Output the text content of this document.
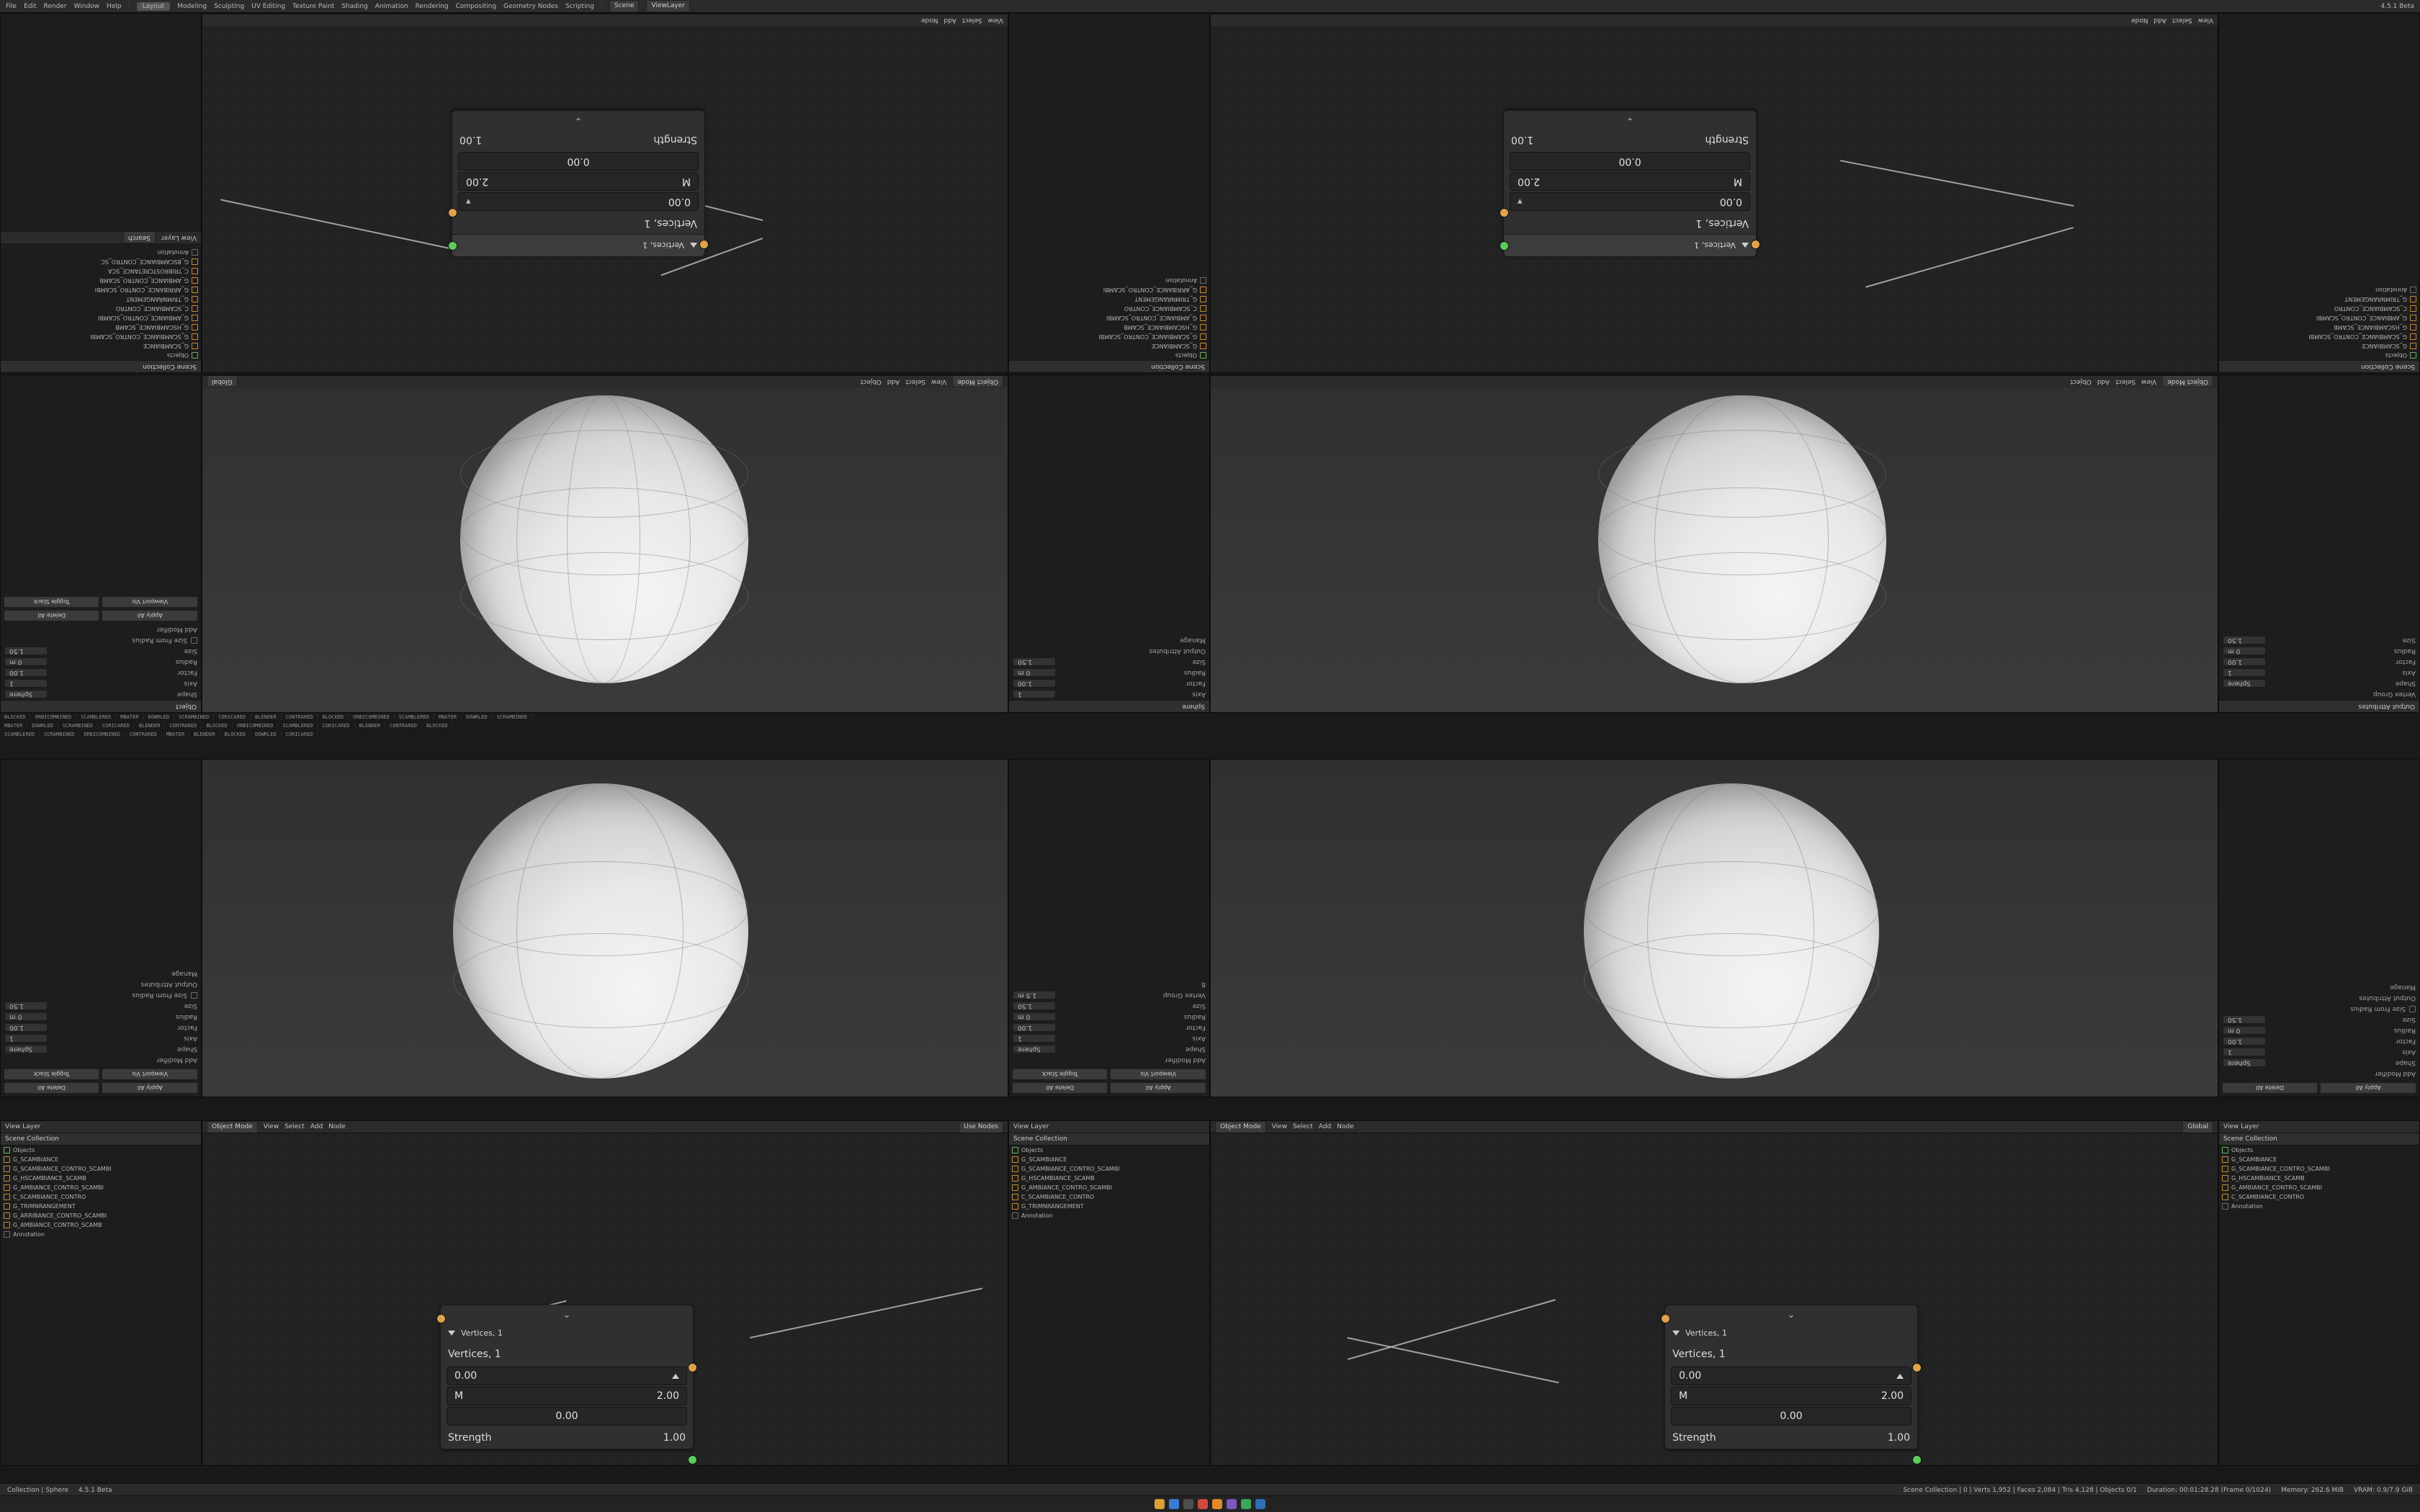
File Edit Render Window Help	Layout	Modeling Sculpting UV Editing Texture Paint Shading Animation Rendering Compositing Geometry Nodes Scripting	Scene	ViewLayer	4.5.1 Beta
Scene Collection
Objects
G_SCAMBIANCE
G_SCAMBIANCE_CONTRO_SCAMBI
G_HSCAMBIANCE_SCAMB
G_AMBIANCE_CONTRO_SCAMBI
C_SCAMBIANCE_CONTRO
G_TRIMNRANGEMENT
G_ARRIBANCE_CONTRO_SCAMBI
G_AMBIANCE_CONTRO_SCAMB
C_TRIBROSTCRETANCE_SCA
G_BSCAMBIANCE_CONTRO_SC
Annotation
View Layer
Search
Vertices, 1
Vertices, 1
0.00
▾
M
2.00
0.00
Strength
1.00
⌄
View
Select
Add
Node
Scene Collection
Objects
G_SCAMBIANCE
G_SCAMBIANCE_CONTRO_SCAMBI
G_HSCAMBIANCE_SCAMB
G_AMBIANCE_CONTRO_SCAMBI
C_SCAMBIANCE_CONTRO
G_TRIMNRANGEMENT
G_ARRIBANCE_CONTRO_SCAMBI
Annotation
Vertices, 1
Vertices, 1
0.00
▾
M
2.00
0.00
Strength
1.00
⌄
View
Select
Add
Node
Scene Collection
Objects
G_SCAMBIANCE
G_SCAMBIANCE_CONTRO_SCAMBI
G_HSCAMBIANCE_SCAMB
G_AMBIANCE_CONTRO_SCAMBI
C_SCAMBIANCE_CONTRO
G_TRIMNRANGEMENT
Annotation
Object
Shape
Sphere
Axis
1
Factor
1.00
Radius
0 m
Size
1.50
Size From Radius
Add Modifier
Apply All
Delete All
Viewport Vis
Toggle Stack
Object Mode
View
Select
Add
Object
Global
Sphere
Axis
1
Factor
1.00
Radius
0 m
Size
1.50
Output Attributes
Manage
Object Mode
View
Select
Add
Object
Output Attributes
Vertex Group
Shape
Sphere
Axis
1
Factor
1.00
Radius
0 m
Size
1.50
BLOCKED	ORBICOMBINED	SCAMBLERED	MBATER	DOWRLED	SCRAMBINED	CORICARED	BLENDER	CONTRARED	BLOCKED	ORBICOMBINED	SCAMBLERED	MBATER	DOWRLED	SCRAMBINED
MBATER	DOWRLED	SCRAMBINED	CORICARED	BLENDER	CONTRARED	BLOCKED	ORBICOMBINED	SCAMBLERED	CORICARED	BLENDER	CONTRARED	BLOCKED
SCAMBLERED	SCRAMBINED	ORBICOMBINED	CONTRARED	MBATER	BLENDER	BLOCKED	DOWRLED	CORICARED
Apply All
Delete All
Viewport Vis
Toggle Stack
Add Modifier
Shape
Sphere
Axis
1
Factor
1.00
Radius
0 m
Size
1.50
Size From Radius
Output Attributes
Manage
Apply All
Delete All
Viewport Vis
Toggle Stack
Add Modifier
Shape
Sphere
Axis
1
Factor
1.00
Radius
0 m
Size
1.50
Vertex Group
1.5 m
8
Apply All
Delete All
Add Modifier
Shape
Sphere
Axis
1
Factor
1.00
Radius
0 m
Size
1.50
Size From Radius
Output Attributes
Manage
View Layer
Scene Collection
Objects
G_SCAMBIANCE
G_SCAMBIANCE_CONTRO_SCAMBI
G_HSCAMBIANCE_SCAMB
G_AMBIANCE_CONTRO_SCAMBI
C_SCAMBIANCE_CONTRO
G_TRIMNRANGEMENT
G_ARRIBANCE_CONTRO_SCAMBI
G_AMBIANCE_CONTRO_SCAMB
Annotation
Object Mode	View Select Add Node	Use Nodes
⌄
Vertices, 1
Vertices, 1
0.00
M	2.00
0.00
Strength	1.00
View Layer
Scene Collection
Objects
G_SCAMBIANCE
G_SCAMBIANCE_CONTRO_SCAMBI
G_HSCAMBIANCE_SCAMB
G_AMBIANCE_CONTRO_SCAMBI
C_SCAMBIANCE_CONTRO
G_TRIMNRANGEMENT
Annotation
Object Mode	View Select Add Node	Global
⌄
Vertices, 1
Vertices, 1
0.00
M	2.00
0.00
Strength	1.00
View Layer
Scene Collection
Objects
G_SCAMBIANCE
G_SCAMBIANCE_CONTRO_SCAMBI
G_HSCAMBIANCE_SCAMB
G_AMBIANCE_CONTRO_SCAMBI
C_SCAMBIANCE_CONTRO
Annotation
Collection | Sphere 4.5.1 Beta	Scene Collection | 0 | Verts 1,952 | Faces 2,084 | Tris 4,128 | Objects 0/1 Duration: 00:01:28.28 (Frame 0/1024) Memory: 262.6 MiB VRAM: 0.9/7.9 GiB
